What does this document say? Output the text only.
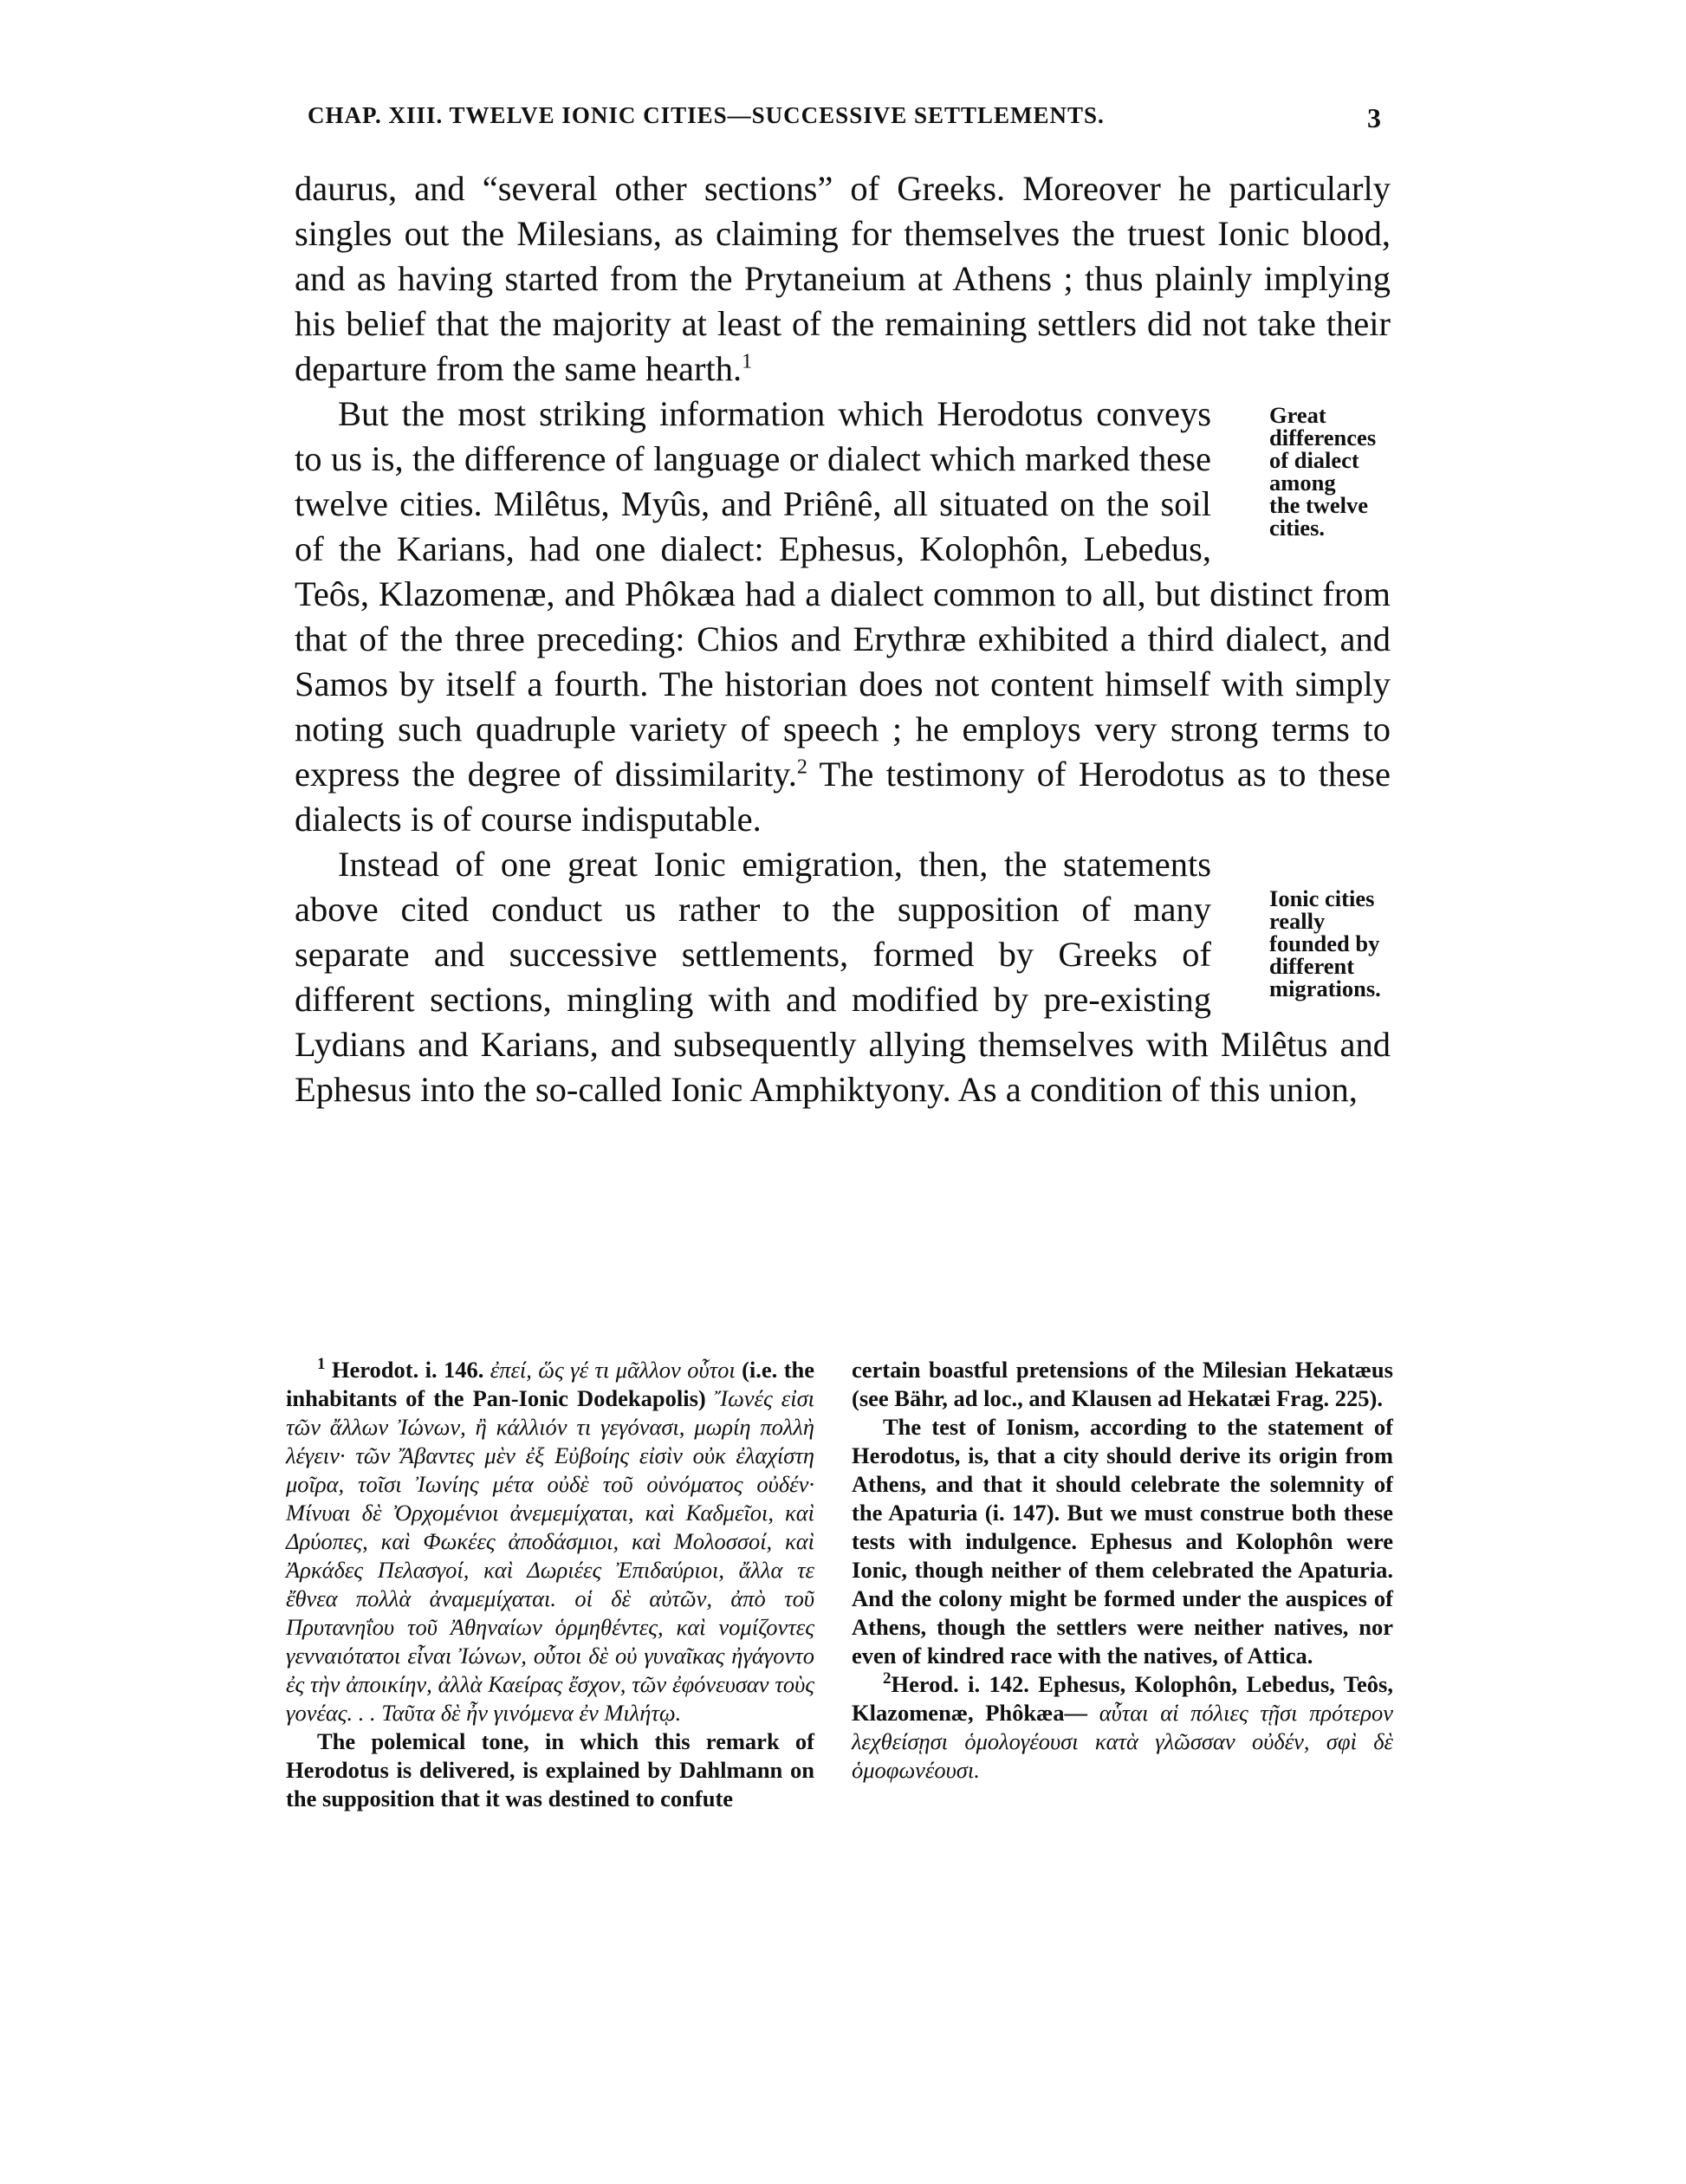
CHAP. XIII. TWELVE IONIC CITIES—SUCCESSIVE SETTLEMENTS.	3

daurus, and “several other sections” of Greeks. Moreover he particularly singles out the Milesians, as claiming for themselves the truest Ionic blood, and as having started from the Prytaneium at Athens ; thus plainly implying his belief that the majority at least of the remaining settlers did not take their departure from the same hearth.$^1$

Great
differences
of dialect
among
the twelve
cities.
But the most striking information which Herodotus conveys to us is, the difference of language or dialect which marked these twelve cities. Milêtus, Myûs, and Priênê, all situated on the soil of the Karians, had one dialect: Ephesus, Kolophôn, Lebedus, Teôs, Klazomenæ, and Phôkæa had a dialect common to all, but distinct from that of the three preceding: Chios and Erythræ exhibited a third dialect, and Samos by itself a fourth. The historian does not content himself with simply noting such quadruple variety of speech ; he employs very strong terms to express the degree of dissimilarity.$^2$ The testimony of Herodotus as to these dialects is of course indisputable.

Ionic cities
really
founded by
different
migrations.
Instead of one great Ionic emigration, then, the statements above cited conduct us rather to the supposition of many separate and successive settlements, formed by Greeks of different sections, mingling with and modified by pre-existing Lydians and Karians, and subsequently allying themselves with Milêtus and Ephesus into the so-called Ionic Amphiktyony. As a condition of this union,

$^1$ Herodot. i. 146. ἐπεί, ὥς γέ τι μᾶλλον οὗτοι (i.e. the inhabitants of the Pan-Ionic Dodekapolis) Ἴωνές εἰσι τῶν ἄλλων Ἰώνων, ἢ κάλλιόν τι γεγόνασι, μωρίη πολλὴ λέγειν· τῶν Ἄβαντες μὲν ἐξ Εὐβοίης εἰσὶν οὐκ ἐλαχίστη μοῖρα, τοῖσι Ἰωνίης μέτα οὐδὲ τοῦ οὐνόματος οὐδέν· Μίνυαι δὲ Ὀρχομένιοι ἀνεμεμίχαται, καὶ Καδμεῖοι, καὶ Δρύοπες, καὶ Φωκέες ἀποδάσμιοι, καὶ Μολοσσοί, καὶ Ἀρκάδες Πελασγοί, καὶ Δωριέες Ἐπιδαύριοι, ἄλλα τε ἔθνεα πολλὰ ἀναμεμίχαται. οἱ δὲ αὐτῶν, ἀπὸ τοῦ Πρυτανηΐου τοῦ Ἀθηναίων ὁρμηθέντες, καὶ νομίζοντες γενναιότατοι εἶναι Ἰώνων, οὗτοι δὲ οὐ γυναῖκας ἠγάγοντο ἐς τὴν ἀποικίην, ἀλλὰ Καείρας ἔσχον, τῶν ἐφόνευσαν τοὺς γονέας. . . Ταῦτα δὲ ἦν γινόμενα ἐν Μιλήτῳ.

The polemical tone, in which this remark of Herodotus is delivered, is explained by Dahlmann on the supposition that it was destined to confute

certain boastful pretensions of the Milesian Hekatæus (see Bähr, ad loc., and Klausen ad Hekatæi Frag. 225).

The test of Ionism, according to the statement of Herodotus, is, that a city should derive its origin from Athens, and that it should celebrate the solemnity of the Apaturia (i. 147). But we must construe both these tests with indulgence. Ephesus and Kolophôn were Ionic, though neither of them celebrated the Apaturia. And the colony might be formed under the auspices of Athens, though the settlers were neither natives, nor even of kindred race with the natives, of Attica.

$^2$Herod. i. 142. Ephesus, Kolophôn, Lebedus, Teôs, Klazomenæ, Phôkæa— αὗται αἱ πόλιες τῇσι πρότερον λεχθείσῃσι ὁμολογέουσι κατὰ γλῶσσαν οὐδέν, σφὶ δὲ ὁμοφωνέουσι.
